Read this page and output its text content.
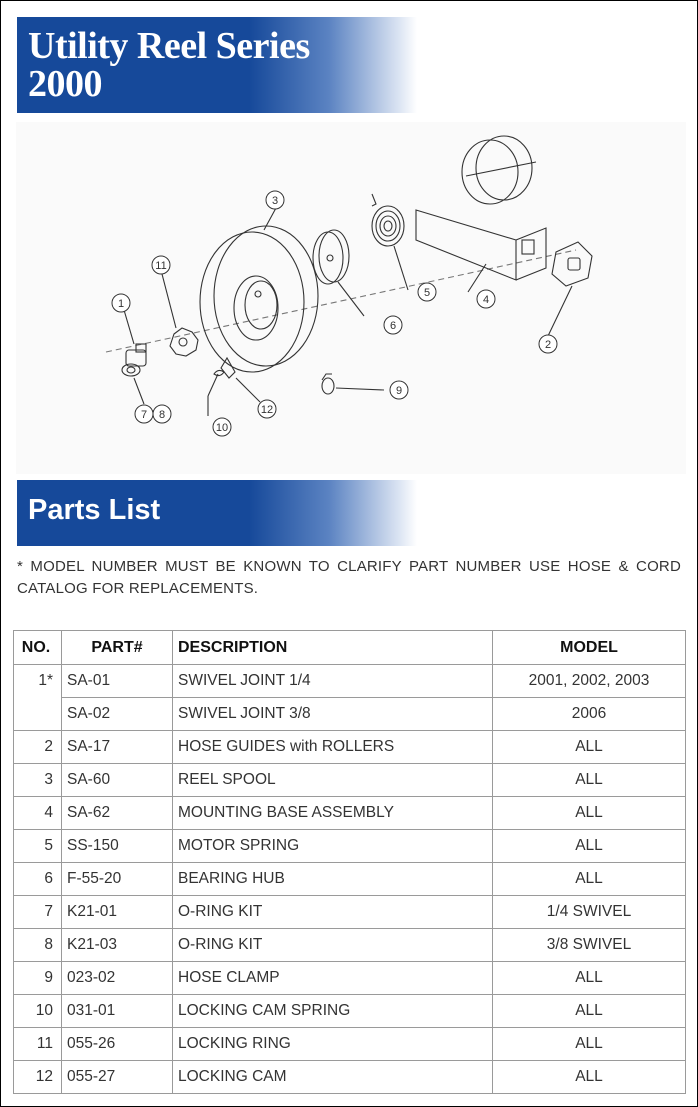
Utility Reel Series
2000
1
2
3
4
5
6
7 8
9
10
11
12
Parts List
* MODEL NUMBER MUST BE KNOWN TO CLARIFY PART NUMBER USE HOSE & CORD CATALOG FOR REPLACEMENTS.
NO.	PART#	DESCRIPTION	MODEL
1*	SA-01	SWIVEL JOINT 1/4	2001, 2002, 2003
	SA-02	SWIVEL JOINT 3/8	2006
2	SA-17	HOSE GUIDES with ROLLERS	ALL
3	SA-60	REEL SPOOL	ALL
4	SA-62	MOUNTING BASE ASSEMBLY	ALL
5	SS-150	MOTOR SPRING	ALL
6	F-55-20	BEARING HUB	ALL
7	K21-01	O-RING KIT	1/4 SWIVEL
8	K21-03	O-RING KIT	3/8 SWIVEL
9	023-02	HOSE CLAMP	ALL
10	031-01	LOCKING CAM SPRING	ALL
11	055-26	LOCKING RING	ALL
12	055-27	LOCKING CAM	ALL
